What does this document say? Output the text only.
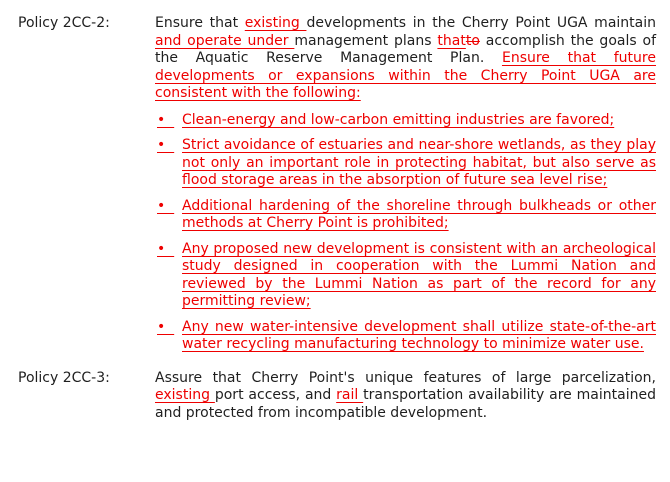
Policy 2CC-2:	Ensure that existing developments in the Cherry Point UGA maintain and operate under management plans thatto accomplish the goals of the Aquatic Reserve Management Plan. Ensure that future developments or expansions within the Cherry Point UGA are consistent with the following:

• Clean-energy and low-carbon emitting industries are favored;
• Strict avoidance of estuaries and near-shore wetlands, as they play not only an important role in protecting habitat, but also serve as flood storage areas in the absorption of future sea level rise;
• Additional hardening of the shoreline through bulkheads or other methods at Cherry Point is prohibited;
• Any proposed new development is consistent with an archeological study designed in cooperation with the Lummi Nation and reviewed by the Lummi Nation as part of the record for any permitting review;
• Any new water-intensive development shall utilize state-of-the-art water recycling manufacturing technology to minimize water use.
Policy 2CC-3:	Assure that Cherry Point's unique features of large parcelization, existing port access, and rail transportation availability are maintained and protected from incompatible development.
